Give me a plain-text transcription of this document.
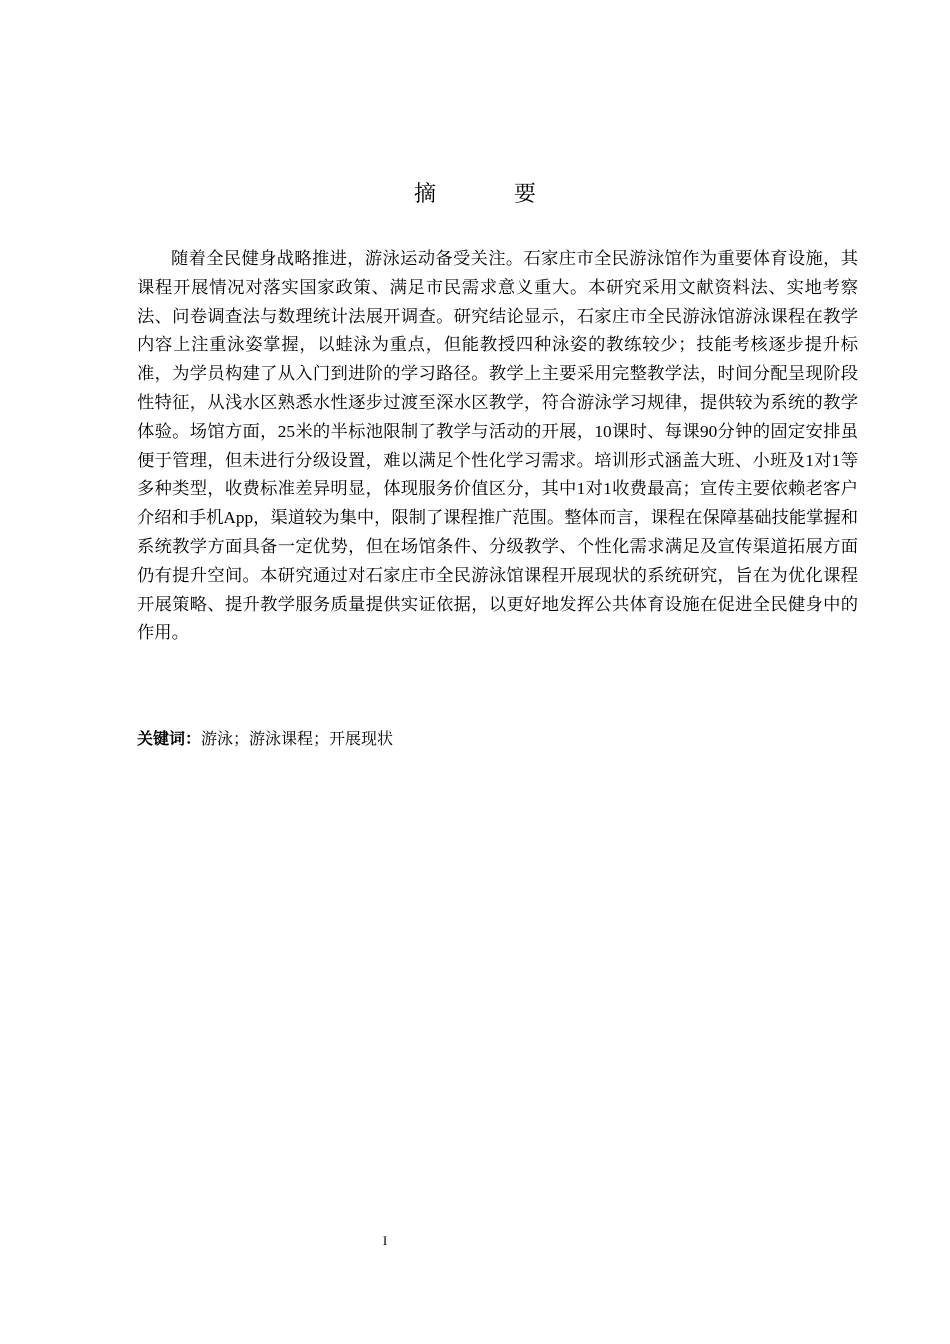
摘　要

随着全民健身战略推进，游泳运动备受关注。石家庄市全民游泳馆作为重要体育设施，其课程开展情况对落实国家政策、满足市民需求意义重大。本研究采用文献资料法、实地考察法、问卷调查法与数理统计法展开调查。研究结论显示，石家庄市全民游泳馆游泳课程在教学内容上注重泳姿掌握，以蛙泳为重点，但能教授四种泳姿的教练较少；技能考核逐步提升标准，为学员构建了从入门到进阶的学习路径。教学上主要采用完整教学法，时间分配呈现阶段性特征，从浅水区熟悉水性逐步过渡至深水区教学，符合游泳学习规律，提供较为系统的教学体验。场馆方面，25米的半标池限制了教学与活动的开展，10课时、每课90分钟的固定安排虽便于管理，但未进行分级设置，难以满足个性化学习需求。培训形式涵盖大班、小班及1对1等多种类型，收费标准差异明显，体现服务价值区分，其中1对1收费最高；宣传主要依赖老客户介绍和手机App，渠道较为集中，限制了课程推广范围。整体而言，课程在保障基础技能掌握和系统教学方面具备一定优势，但在场馆条件、分级教学、个性化需求满足及宣传渠道拓展方面仍有提升空间。本研究通过对石家庄市全民游泳馆课程开展现状的系统研究，旨在为优化课程开展策略、提升教学服务质量提供实证依据，以更好地发挥公共体育设施在促进全民健身中的作用。

关键词：游泳；游泳课程；开展现状

I
